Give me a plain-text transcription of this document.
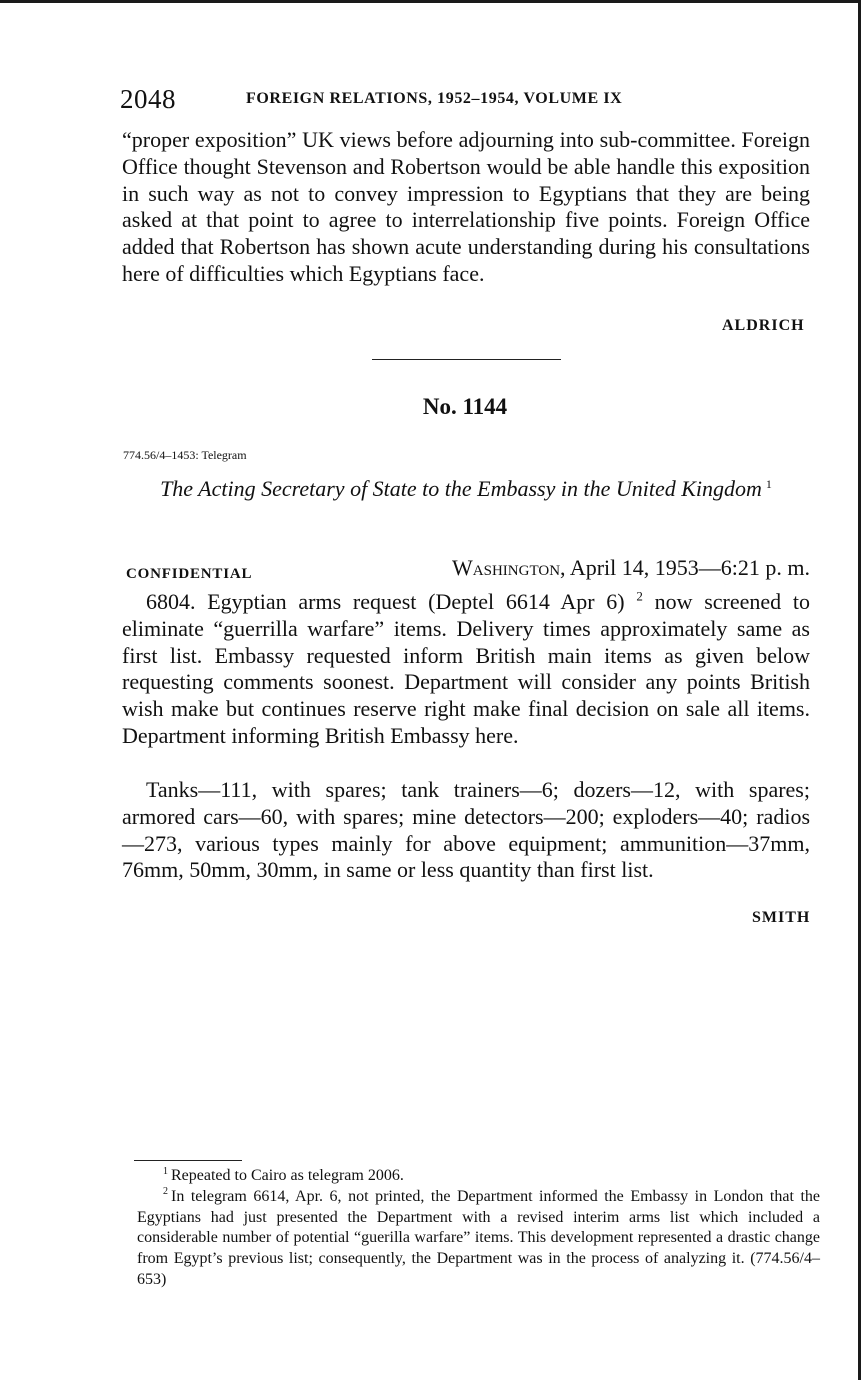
2048	FOREIGN RELATIONS, 1952–1954, VOLUME IX

“proper exposition” UK views before adjourning into sub-committee. Foreign Office thought Stevenson and Robertson would be able handle this exposition in such way as not to convey impression to Egyptians that they are being asked at that point to agree to interrelationship five points. Foreign Office added that Robertson has shown acute understanding during his consultations here of difficulties which Egyptians face.

ALDRICH
No. 1144
774.56/4–1453: Telegram
The Acting Secretary of State to the Embassy in the United Kingdom $^1$
CONFIDENTIAL	Washington, April 14, 1953—6:21 p. m.

6804. Egyptian arms request (Deptel 6614 Apr 6) $^2$ now screened to eliminate “guerrilla warfare” items. Delivery times approximately same as first list. Embassy requested inform British main items as given below requesting comments soonest. Department will consider any points British wish make but continues reserve right make final decision on sale all items. Department informing British Embassy here.

Tanks—111, with spares; tank trainers—6; dozers—12, with spares; armored cars—60, with spares; mine detectors—200; exploders—40; radios—273, various types mainly for above equipment; ammunition—37mm, 76mm, 50mm, 30mm, in same or less quantity than first list.

SMITH

$^1$ Repeated to Cairo as telegram 2006.

$^2$ In telegram 6614, Apr. 6, not printed, the Department informed the Embassy in London that the Egyptians had just presented the Department with a revised interim arms list which included a considerable number of potential “guerilla warfare” items. This development represented a drastic change from Egypt’s previous list; consequently, the Department was in the process of analyzing it. (774.56/4–653)
